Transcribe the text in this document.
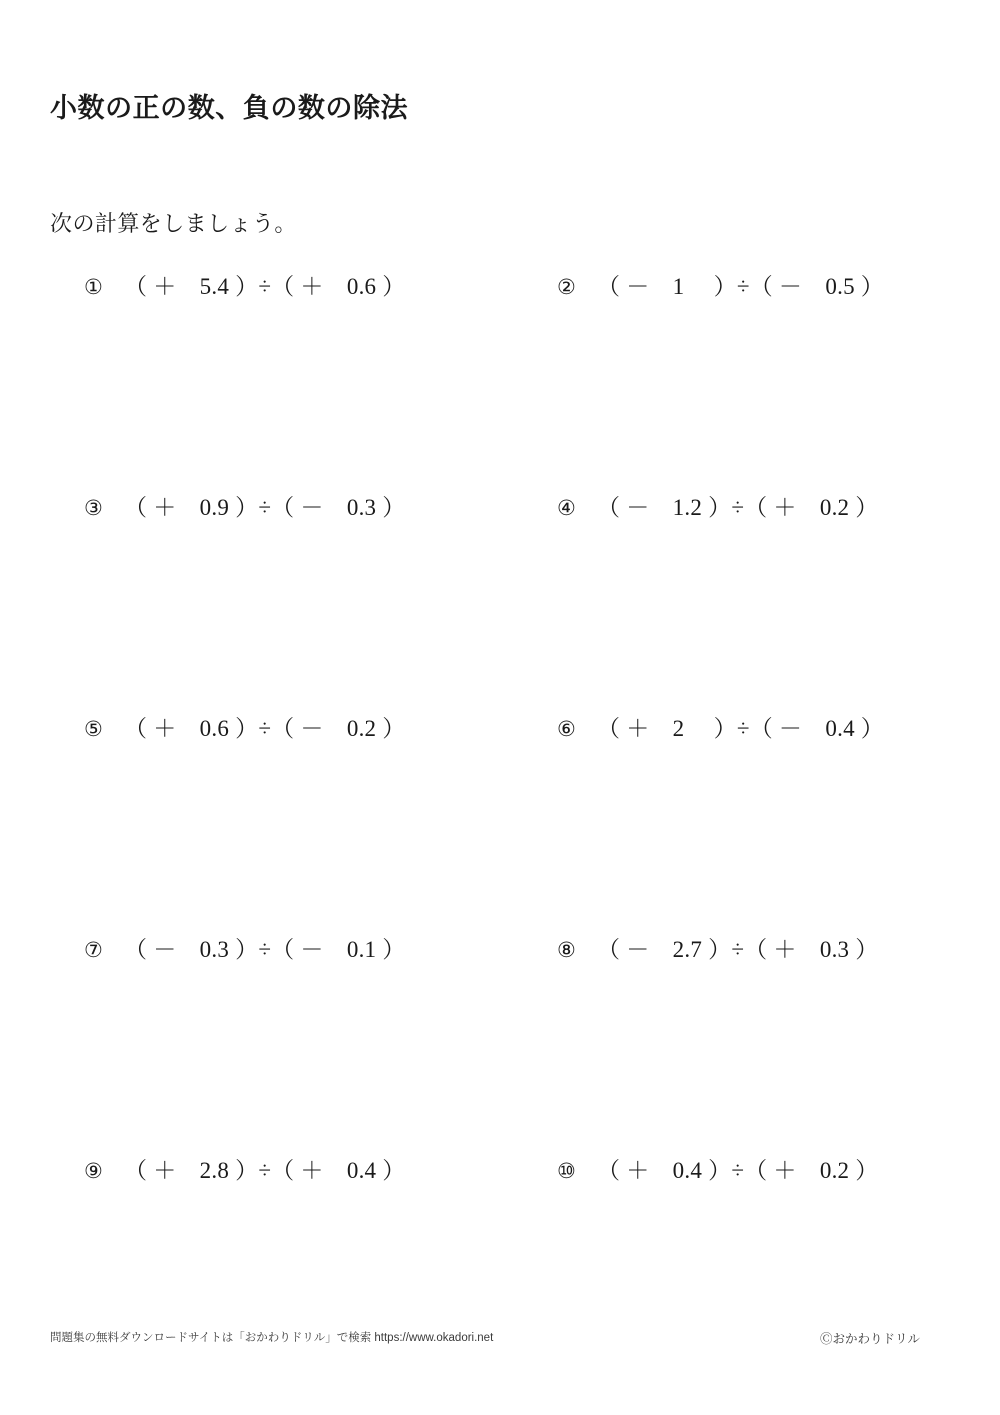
小数の正の数、負の数の除法
次の計算をしましょう。
① （ ＋　5.4 ）÷（ ＋　0.6 ）	② （ －　1　 ）÷（ －　0.5 ）
③ （ ＋　0.9 ）÷（ －　0.3 ）	④ （ －　1.2 ）÷（ ＋　0.2 ）
⑤ （ ＋　0.6 ）÷（ －　0.2 ）	⑥ （ ＋　2　 ）÷（ －　0.4 ）
⑦ （ －　0.3 ）÷（ －　0.1 ）	⑧ （ －　2.7 ）÷（ ＋　0.3 ）
⑨ （ ＋　2.8 ）÷（ ＋　0.4 ）	⑩ （ ＋　0.4 ）÷（ ＋　0.2 ）
問題集の無料ダウンロードサイトは「おかわりドリル」で検索 https://www.okadori.net	Ⓒおかわりドリル
